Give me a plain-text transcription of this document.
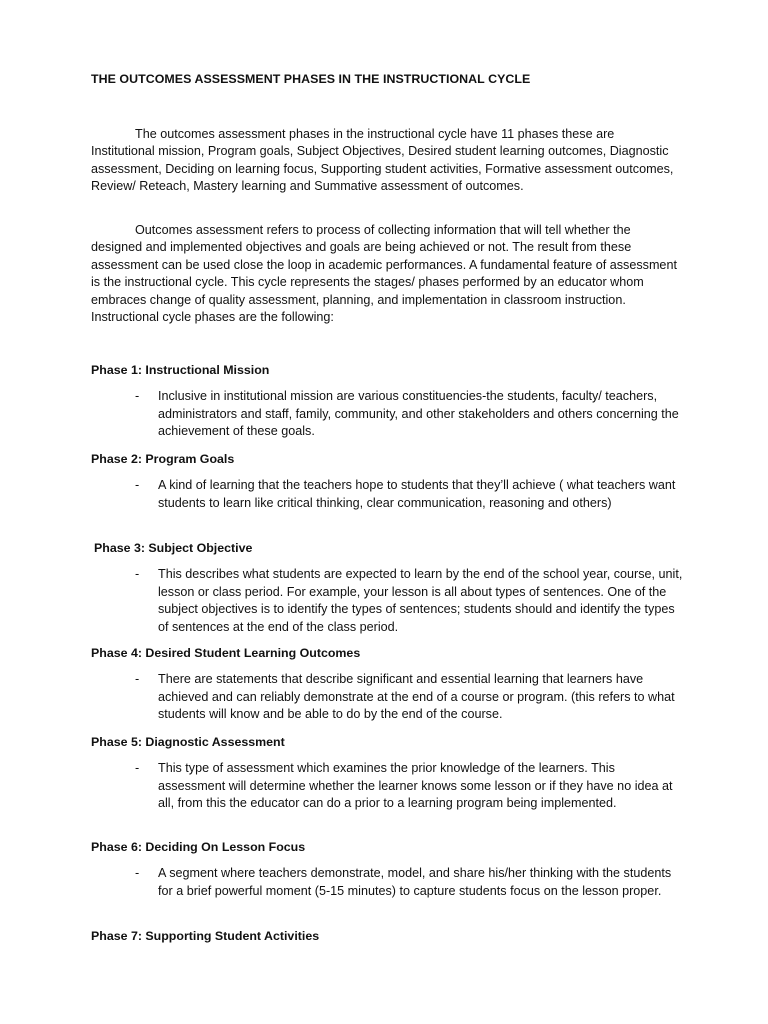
THE OUTCOMES ASSESSMENT PHASES IN THE INSTRUCTIONAL CYCLE

The outcomes assessment phases in the instructional cycle have 11 phases these are Institutional mission, Program goals, Subject Objectives, Desired student learning outcomes, Diagnostic assessment, Deciding on learning focus, Supporting student activities, Formative assessment outcomes, Review/ Reteach, Mastery learning and Summative assessment of outcomes.

Outcomes assessment refers to process of collecting information that will tell whether the designed and implemented objectives and goals are being achieved or not. The result from these assessment can be used close the loop in academic performances. A fundamental feature of assessment is the instructional cycle. This cycle represents the stages/ phases performed by an educator whom embraces change of quality assessment, planning, and implementation in classroom instruction. Instructional cycle phases are the following:

Phase 1: Instructional Mission
- Inclusive in institutional mission are various constituencies-the students, faculty/ teachers, administrators and staff, family, community, and other stakeholders and others concerning the achievement of these goals.
Phase 2: Program Goals
- A kind of learning that the teachers hope to students that they’ll achieve ( what teachers want students to learn like critical thinking, clear communication, reasoning and others)
Phase 3: Subject Objective
- This describes what students are expected to learn by the end of the school year, course, unit, lesson or class period. For example, your lesson is all about types of sentences. One of the subject objectives is to identify the types of sentences; students should and identify the types of sentences at the end of the class period.
Phase 4: Desired Student Learning Outcomes
- There are statements that describe significant and essential learning that learners have achieved and can reliably demonstrate at the end of a course or program. (this refers to what students will know and be able to do by the end of the course.
Phase 5: Diagnostic Assessment
- This type of assessment which examines the prior knowledge of the learners. This assessment will determine whether the learner knows some lesson or if they have no idea at all, from this the educator can do a prior to a learning program being implemented.
Phase 6: Deciding On Lesson Focus
- A segment where teachers demonstrate, model, and share his/her thinking with the students for a brief powerful moment (5-15 minutes) to capture students focus on the lesson proper.
Phase 7: Supporting Student Activities
